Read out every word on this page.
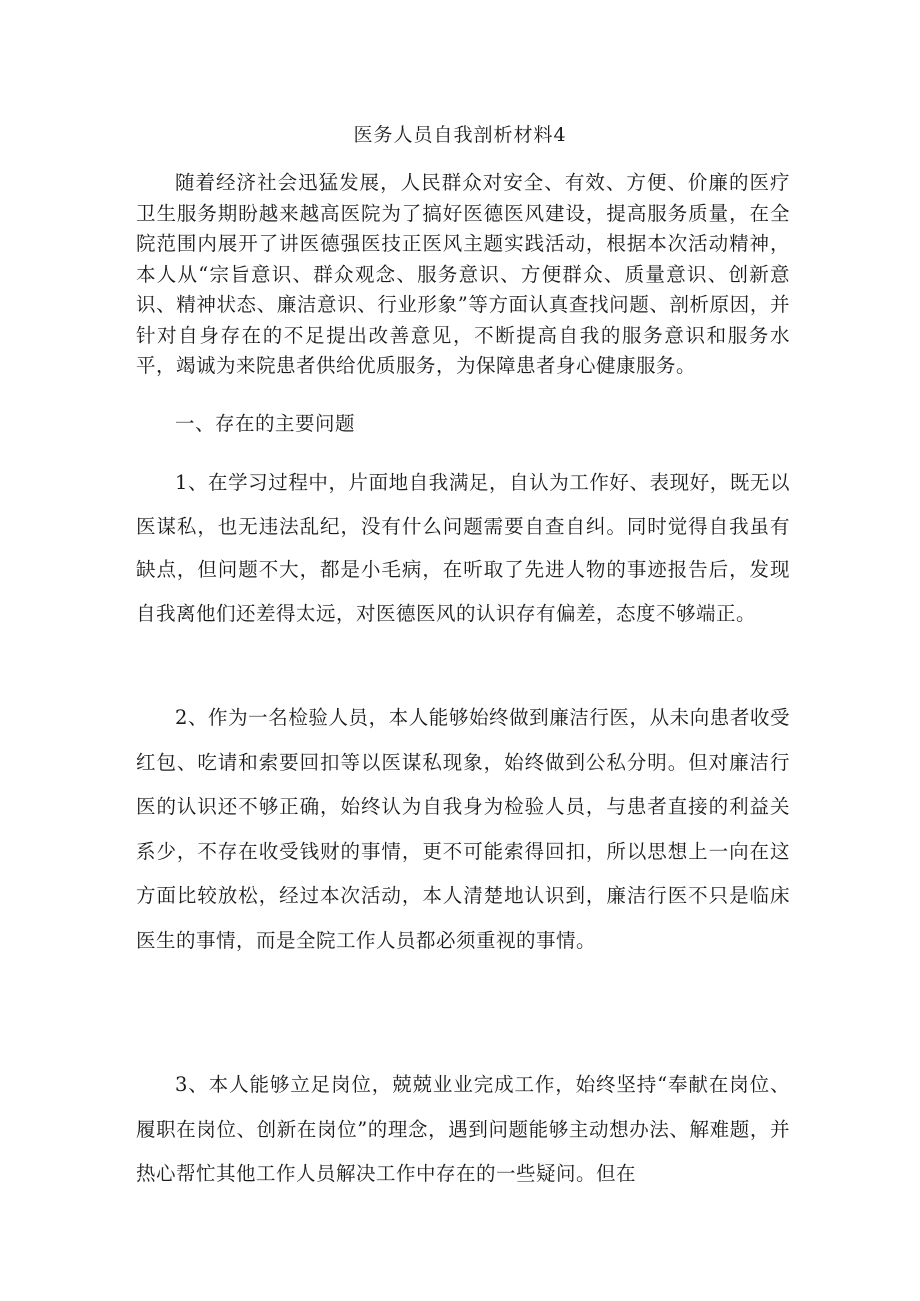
医务人员自我剖析材料4
随着经济社会迅猛发展，人民群众对安全、有效、方便、价廉的医疗卫生服务期盼越来越高医院为了搞好医德医风建设，提高服务质量，在全院范围内展开了讲医德强医技正医风主题实践活动，根据本次活动精神，本人从“宗旨意识、群众观念、服务意识、方便群众、质量意识、创新意识、精神状态、廉洁意识、行业形象”等方面认真查找问题、剖析原因，并针对自身存在的不足提出改善意见，不断提高自我的服务意识和服务水平，竭诚为来院患者供给优质服务，为保障患者身心健康服务。
一、存在的主要问题
1、在学习过程中，片面地自我满足，自认为工作好、表现好，既无以医谋私，也无违法乱纪，没有什么问题需要自查自纠。同时觉得自我虽有缺点，但问题不大，都是小毛病，在听取了先进人物的事迹报告后，发现自我离他们还差得太远，对医德医风的认识存有偏差，态度不够端正。
2、作为一名检验人员，本人能够始终做到廉洁行医，从未向患者收受红包、吃请和索要回扣等以医谋私现象，始终做到公私分明。但对廉洁行医的认识还不够正确，始终认为自我身为检验人员，与患者直接的利益关系少，不存在收受钱财的事情，更不可能索得回扣，所以思想上一向在这方面比较放松，经过本次活动，本人清楚地认识到，廉洁行医不只是临床医生的事情，而是全院工作人员都必须重视的事情。
3、本人能够立足岗位，兢兢业业完成工作，始终坚持“奉献在岗位、履职在岗位、创新在岗位”的理念，遇到问题能够主动想办法、解难题，并热心帮忙其他工作人员解决工作中存在的一些疑问。但在
